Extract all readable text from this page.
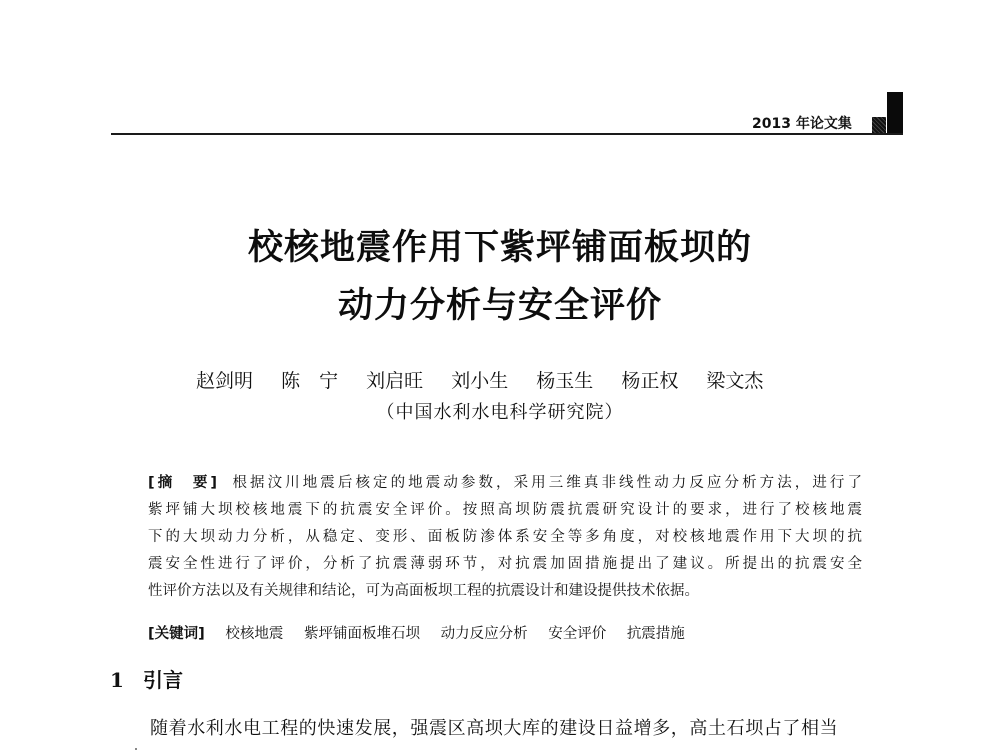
2013 年论文集
校核地震作用下紫坪铺面板坝的
动力分析与安全评价
赵剑明 陈　宁 刘启旺 刘小生 杨玉生 杨正权 梁文杰
（中国水利水电科学研究院）
[摘　要] 根据汶川地震后核定的地震动参数，采用三维真非线性动力反应分析方法，进行了
紫坪铺大坝校核地震下的抗震安全评价。按照高坝防震抗震研究设计的要求，进行了校核地震
下的大坝动力分析，从稳定、变形、面板防渗体系安全等多角度，对校核地震作用下大坝的抗
震安全性进行了评价，分析了抗震薄弱环节，对抗震加固措施提出了建议。所提出的抗震安全
性评价方法以及有关规律和结论，可为高面板坝工程的抗震设计和建设提供技术依据。
[关键词] 校核地震 紫坪铺面板堆石坝 动力反应分析 安全评价 抗震措施
1 引言
随着水利水电工程的快速发展，强震区高坝大库的建设日益增多，高土石坝占了相当
